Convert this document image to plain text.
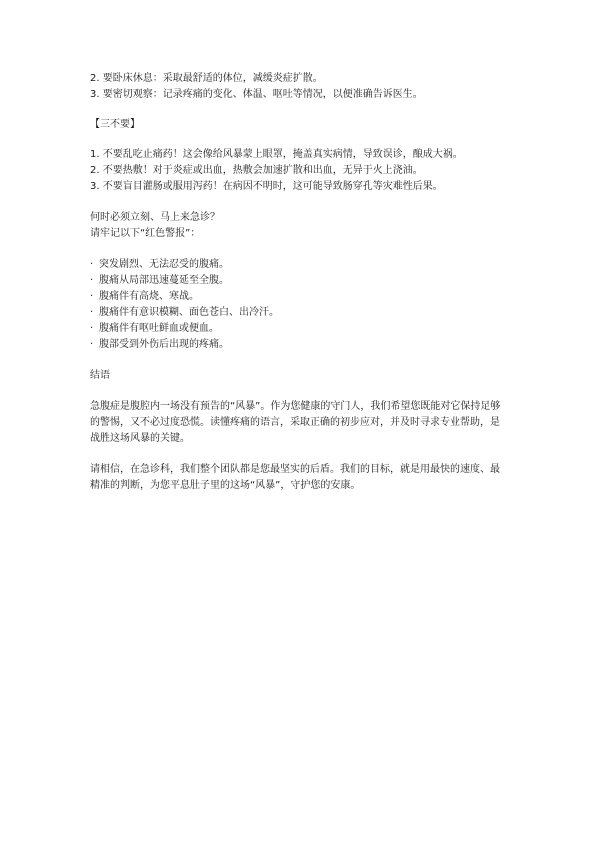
2. 要卧床休息：采取最舒适的体位，减缓炎症扩散。
3. 要密切观察：记录疼痛的变化、体温、呕吐等情况，以便准确告诉医生。
【三不要】
1. 不要乱吃止痛药！这会像给风暴蒙上眼罩，掩盖真实病情，导致误诊，酿成大祸。
2. 不要热敷！对于炎症或出血，热敷会加速扩散和出血，无异于火上浇油。
3. 不要盲目灌肠或服用泻药！在病因不明时，这可能导致肠穿孔等灾难性后果。
何时必须立刻、马上来急诊？
请牢记以下“红色警报”：
· 突发剧烈、无法忍受的腹痛。
· 腹痛从局部迅速蔓延至全腹。
· 腹痛伴有高烧、寒战。
· 腹痛伴有意识模糊、面色苍白、出冷汗。
· 腹痛伴有呕吐鲜血或便血。
· 腹部受到外伤后出现的疼痛。
结语
急腹症是腹腔内一场没有预告的“风暴”。作为您健康的守门人，我们希望您既能对它保持足够的警惕，又不必过度恐慌。读懂疼痛的语言，采取正确的初步应对，并及时寻求专业帮助，是战胜这场风暴的关键。
请相信，在急诊科，我们整个团队都是您最坚实的后盾。我们的目标，就是用最快的速度、最精准的判断，为您平息肚子里的这场“风暴”，守护您的安康。
